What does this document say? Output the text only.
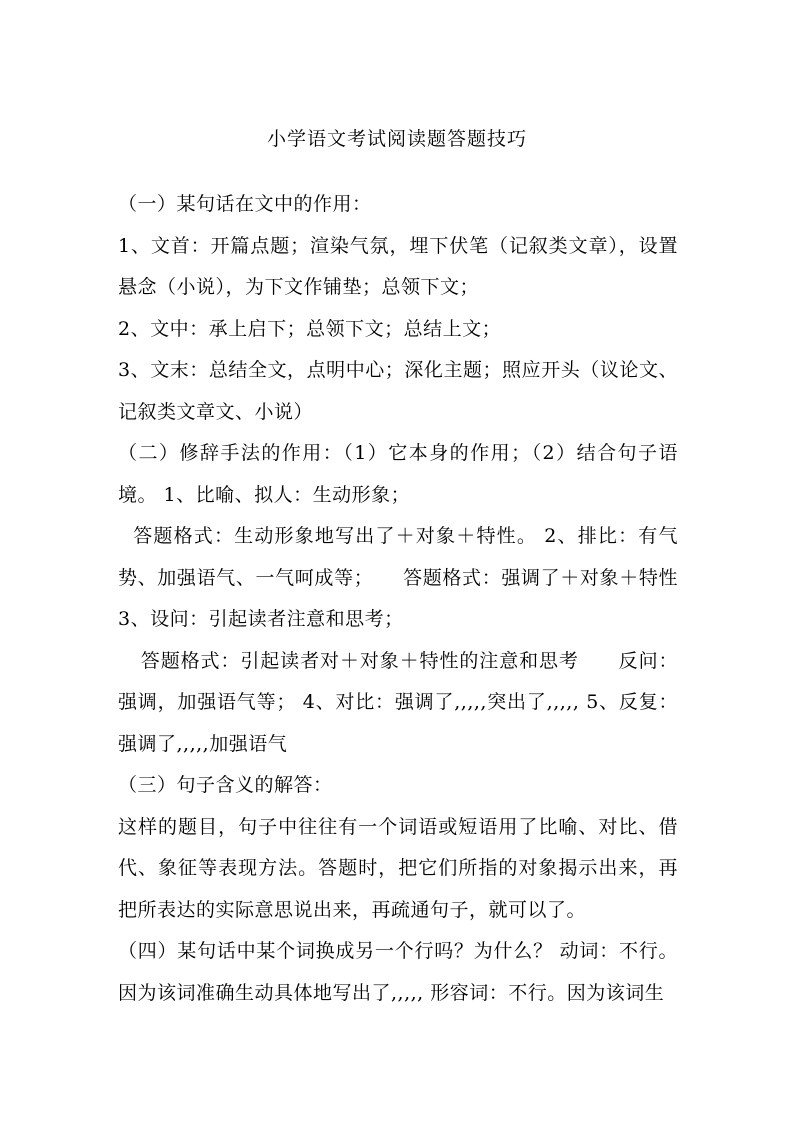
小学语文考试阅读题答题技巧

（一）某句话在文中的作用：

1、文首：开篇点题；渲染气氛，埋下伏笔（记叙类文章），设置悬念（小说），为下文作铺垫；总领下文；

2、文中：承上启下；总领下文；总结上文；

3、文末：总结全文，点明中心；深化主题；照应开头（议论文、记叙类文章文、小说）

（二）修辞手法的作用：（1）它本身的作用；（2）结合句子语境。 1、比喻、拟人：生动形象；

答题格式：生动形象地写出了＋对象＋特性。 2、排比：有气势、加强语气、一气呵成等；　　答题格式：强调了＋对象＋特性 3、设问：引起读者注意和思考；

答题格式：引起读者对＋对象＋特性的注意和思考　　反问：强调，加强语气等； 4、对比：强调了,,,,,突出了,,,,, 5、反复：强调了,,,,,加强语气

（三）句子含义的解答：

这样的题目，句子中往往有一个词语或短语用了比喻、对比、借代、象征等表现方法。答题时，把它们所指的对象揭示出来，再把所表达的实际意思说出来，再疏通句子，就可以了。

（四）某句话中某个词换成另一个行吗？为什么？ 动词：不行。因为该词准确生动具体地写出了,,,,, 形容词：不行。因为该词生
